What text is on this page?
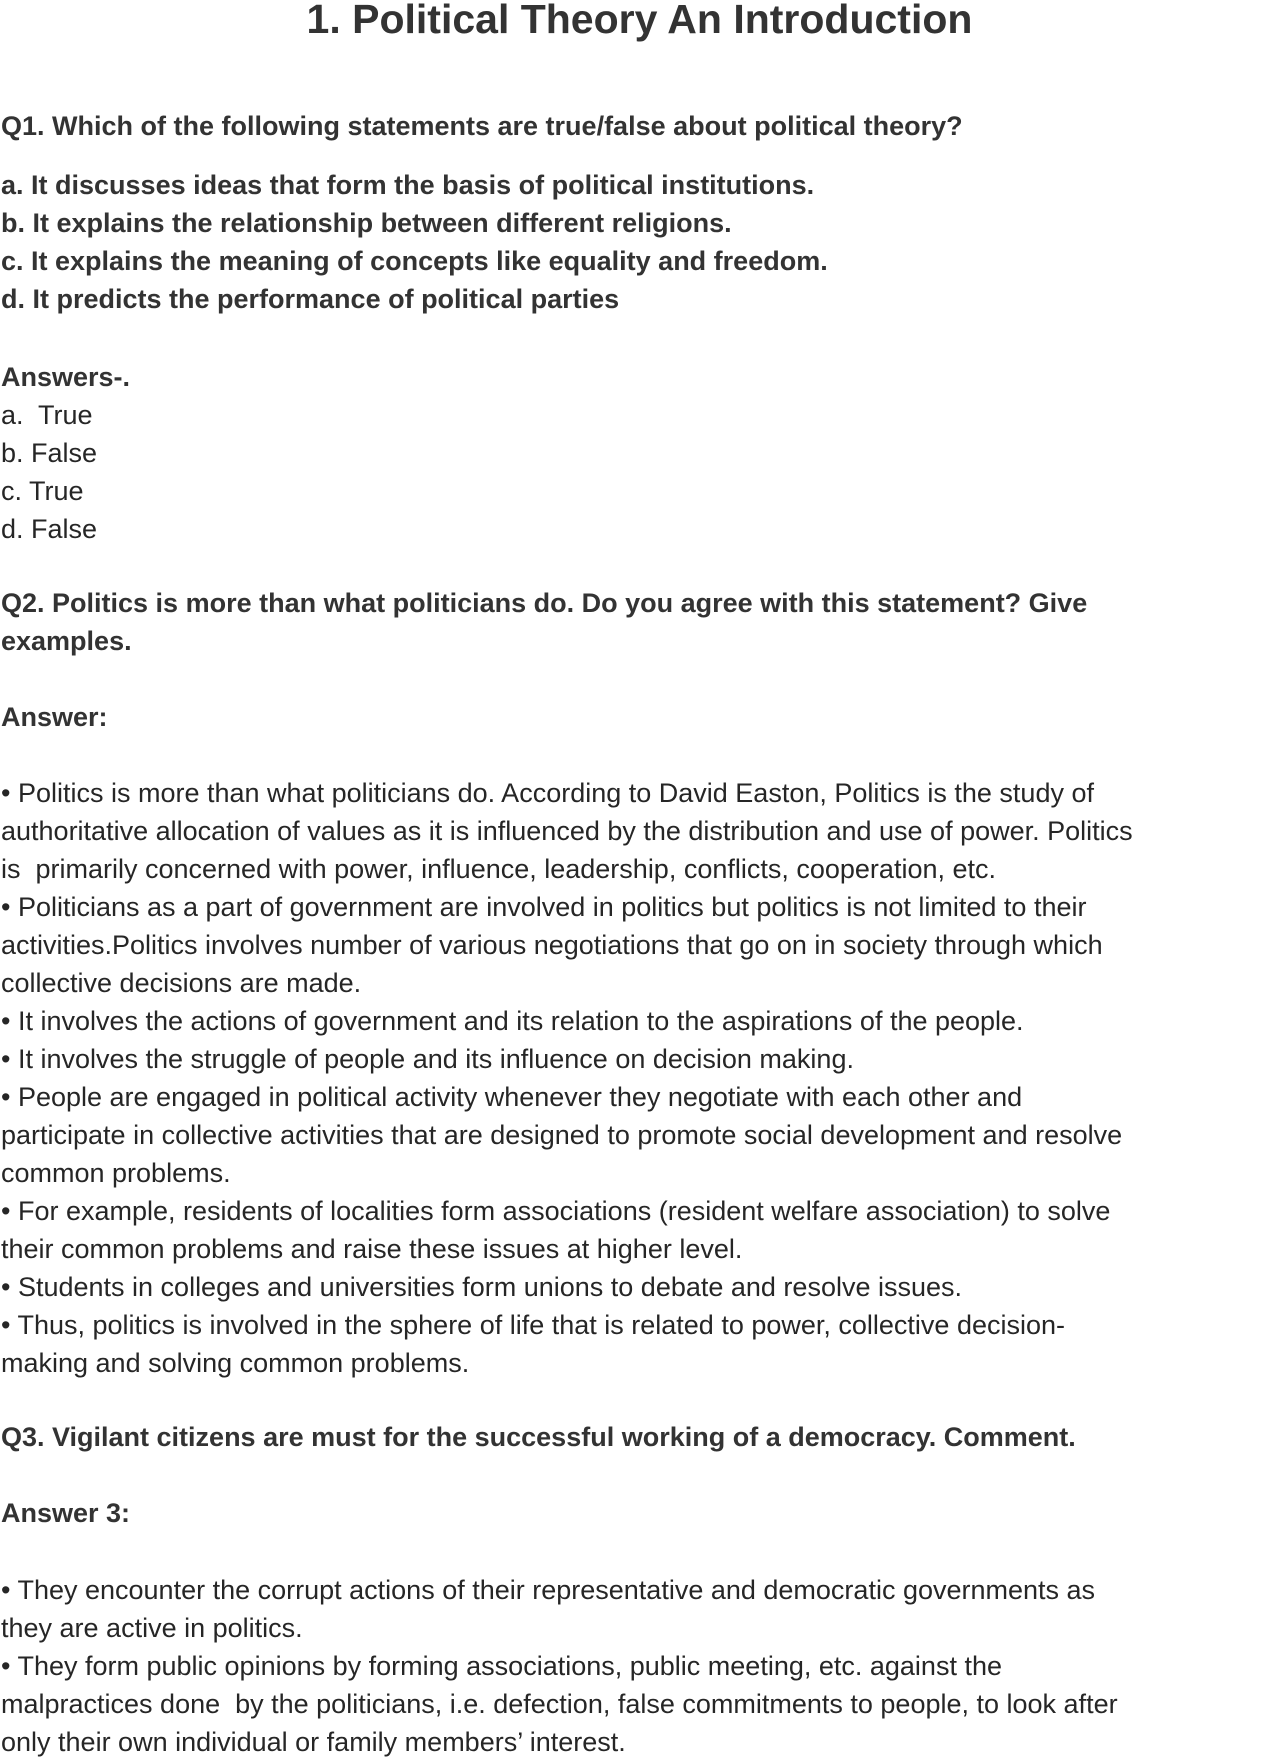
1. Political Theory An Introduction
Q1. Which of the following statements are true/false about political theory?
a. It discusses ideas that form the basis of political institutions.
b. It explains the relationship between different religions.
c. It explains the meaning of concepts like equality and freedom.
d. It predicts the performance of political parties
Answers-.
a.  True
b. False
c. True
d. False
Q2. Politics is more than what politicians do. Do you agree with this statement? Give
examples.
Answer:
• Politics is more than what politicians do. According to David Easton, Politics is the study of
authoritative allocation of values as it is influenced by the distribution and use of power. Politics
is  primarily concerned with power, influence, leadership, conflicts, cooperation, etc.
• Politicians as a part of government are involved in politics but politics is not limited to their
activities.Politics involves number of various negotiations that go on in society through which
collective decisions are made.
• It involves the actions of government and its relation to the aspirations of the people.
• It involves the struggle of people and its influence on decision making.
• People are engaged in political activity whenever they negotiate with each other and
participate in collective activities that are designed to promote social development and resolve
common problems.
• For example, residents of localities form associations (resident welfare association) to solve
their common problems and raise these issues at higher level.
• Students in colleges and universities form unions to debate and resolve issues.
• Thus, politics is involved in the sphere of life that is related to power, collective decision-
making and solving common problems.
Q3. Vigilant citizens are must for the successful working of a democracy. Comment.
Answer 3:
• They encounter the corrupt actions of their representative and democratic governments as
they are active in politics.
• They form public opinions by forming associations, public meeting, etc. against the
malpractices done  by the politicians, i.e. defection, false commitments to people, to look after
only their own individual or family members’ interest.
